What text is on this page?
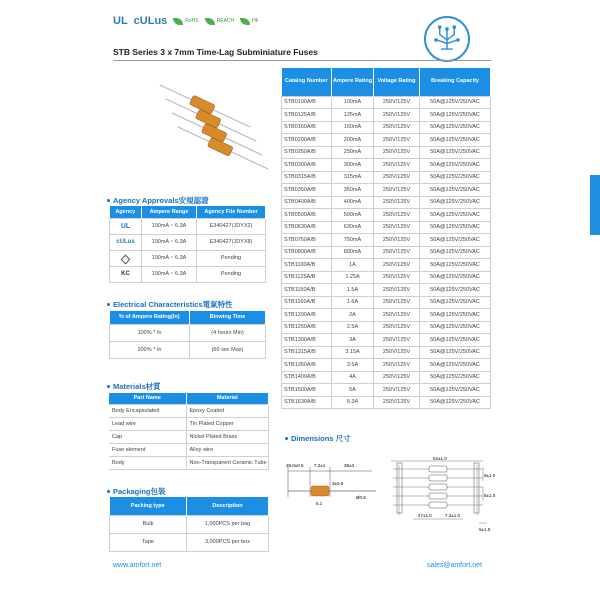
UL cULus	RoHS	REACH	HF
STB Series 3 x 7mm Time-Lag Subminiature Fuses
Catalog Number	Ampere Rating	Voltage Rating	Breaking Capacity
STB0100A/B	100mA	250V/125V	50A@125V/250VAC
STB0125A/B	125mA	250V/125V	50A@125V/250VAC
STB0160A/B	160mA	250V/125V	50A@125V/250VAC
STB0200A/B	200mA	250V/125V	50A@125V/250VAC
STB0250A/B	250mA	250V/125V	50A@125V/250VAC
STB0300A/B	300mA	250V/125V	50A@125V/250VAC
STB0315A/B	315mA	250V/125V	50A@125V/250VAC
STB0350A/B	350mA	250V/125V	50A@125V/250VAC
STB0400A/B	400mA	250V/125V	50A@125V/250VAC
STB0500A/B	500mA	250V/125V	50A@125V/250VAC
STB0630A/B	630mA	250V/125V	50A@125V/250VAC
STB0750A/B	750mA	250V/125V	50A@125V/250VAC
STB0800A/B	800mA	250V/125V	50A@125V/250VAC
STB1100A/B	1A	250V/125V	50A@125V/250VAC
STB1125A/B	1.25A	250V/125V	50A@125V/250VAC
STB1150A/B	1.5A	250V/125V	50A@125V/250VAC
STB1160A/B	1.6A	250V/125V	50A@125V/250VAC
STB1200A/B	2A	250V/125V	50A@125V/250VAC
STB1250A/B	2.5A	250V/125V	50A@125V/250VAC
STB1300A/B	3A	250V/125V	50A@125V/250VAC
STB1315A/B	3.15A	250V/125V	50A@125V/250VAC
STB1350A/B	3.5A	250V/125V	50A@125V/250VAC
STB1400A/B	4A	250V/125V	50A@125V/250VAC
STB1500A/B	5A	250V/125V	50A@125V/250VAC
STB1630A/B	6.3A	250V/125V	50A@125V/250VAC
Agency Approvals安規認證
Agency	Ampere Range	Agency File Number
UL	100mA ~ 6.3A	E340427(JDYX2)
cULus	100mA ~ 6.3A	E340427(JDYX8)
	100mA ~ 6.3A	Pending
KC	100mA ~ 6.3A	Pending
Electrical Characteristics電氣特性
% of Ampere Rating(In)	Blowing Time
100% * In	(4 hours Min)
200% * In	(60 sec Max)
Materials材質
Part Name	Material
Body Encapsulated	Epoxy Coated
Lead wire	Tin Plated Copper
Cap	Nickel Plated Brass
Fuse element	Alloy wire
Body	Non-Transparent Ceramic Tube
Packaging包裝
Packing type	Description
Bulk	1,000PCS per bag
Tape	3,000PCS per box
Dimensions 尺寸
38.0±0.5 7.2±1	38±3
3±0.5
5.1
Ø0.6
52±1.0
6±1.0
7.2±1.0
27±1.0
5±1.0
6±1.0
www.amfort.net	sales@amfort.net
